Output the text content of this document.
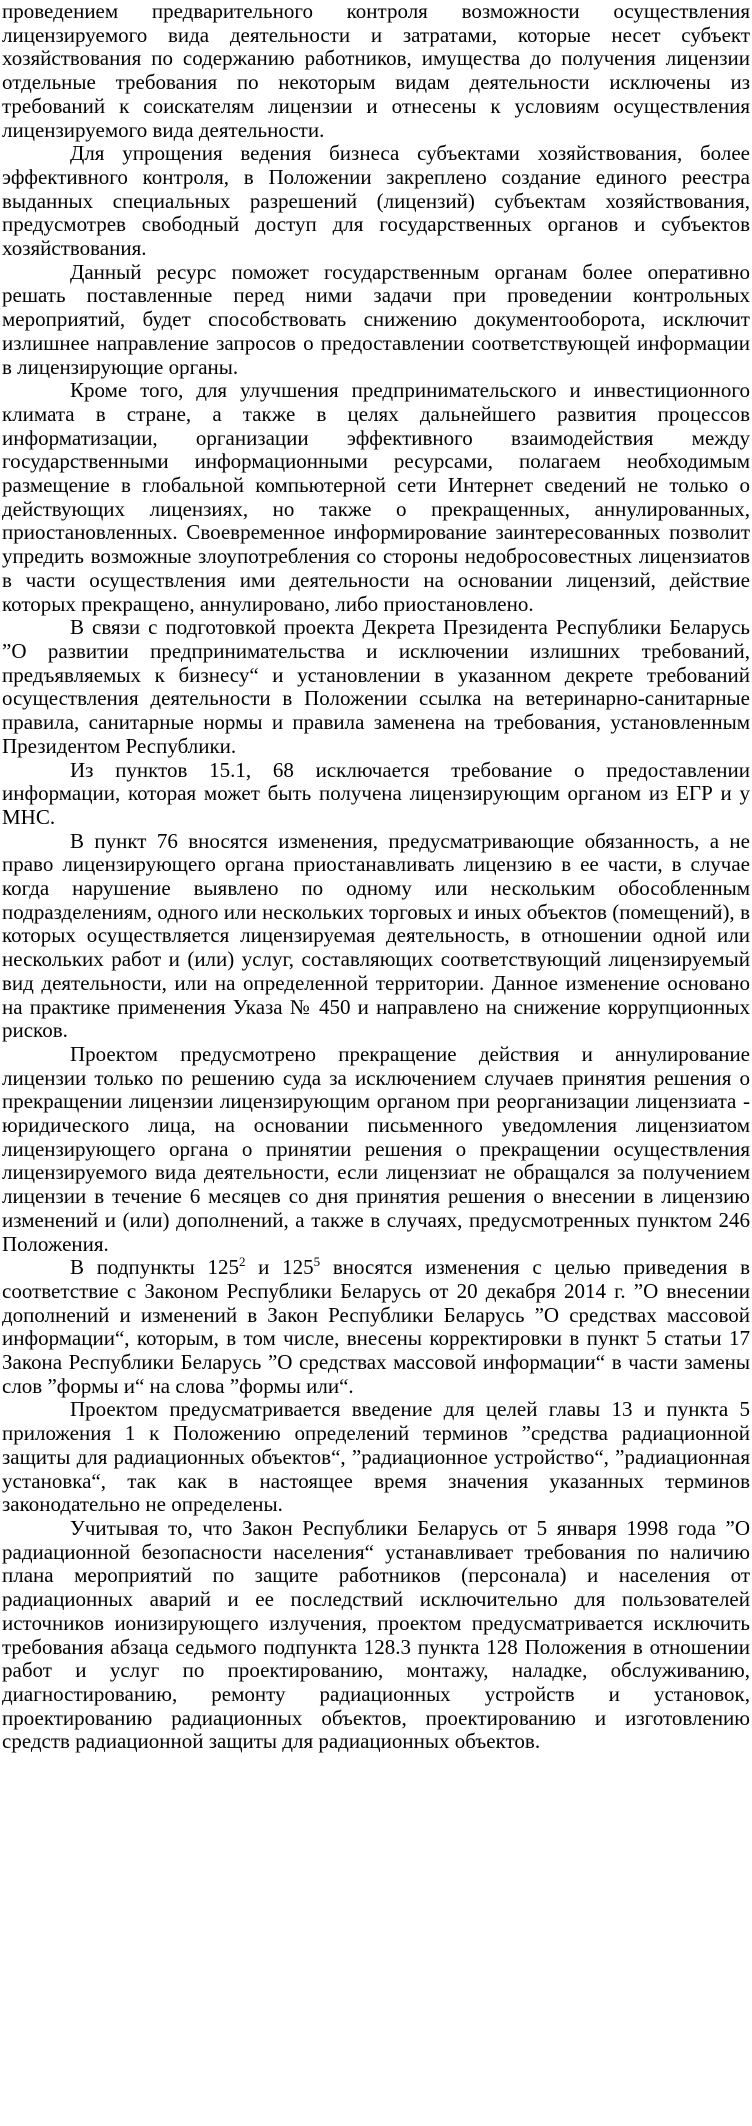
проведением предварительного контроля возможности осуществления лицензируемого вида деятельности и затратами, которые несет субъект хозяйствования по содержанию работников, имущества до получения лицензии отдельные требования по некоторым видам деятельности исключены из требований к соискателям лицензии и отнесены к условиям осуществления лицензируемого вида деятельности.

Для упрощения ведения бизнеса субъектами хозяйствования, более эффективного контроля, в Положении закреплено создание единого реестра выданных специальных разрешений (лицензий) субъектам хозяйствования, предусмотрев свободный доступ для государственных органов и субъектов хозяйствования.

Данный ресурс поможет государственным органам более оперативно решать поставленные перед ними задачи при проведении контрольных мероприятий, будет способствовать снижению документооборота, исключит излишнее направление запросов о предоставлении соответствующей информации в лицензирующие органы.

Кроме того, для улучшения предпринимательского и инвестиционного климата в стране, а также в целях дальнейшего развития процессов информатизации, организации эффективного взаимодействия между государственными информационными ресурсами, полагаем необходимым размещение в глобальной компьютерной сети Интернет сведений не только о действующих лицензиях, но также о прекращенных, аннулированных, приостановленных. Своевременное информирование заинтересованных позволит упредить возможные злоупотребления со стороны недобросовестных лицензиатов в части осуществления ими деятельности на основании лицензий, действие которых прекращено, аннулировано, либо приостановлено.

В связи с подготовкой проекта Декрета Президента Республики Беларусь ”О развитии предпринимательства и исключении излишних требований, предъявляемых к бизнесу“ и установлении в указанном декрете требований осуществления деятельности в Положении ссылка на ветеринарно-санитарные правила, санитарные нормы и правила заменена на требования, установленным Президентом Республики.

Из пунктов 15.1, 68 исключается требование о предоставлении информации, которая может быть получена лицензирующим органом из ЕГР и у МНС.

В пункт 76 вносятся изменения, предусматривающие обязанность, а не право лицензирующего органа приостанавливать лицензию в ее части, в случае когда нарушение выявлено по одному или нескольким обособленным подразделениям, одного или нескольких торговых и иных объектов (помещений), в которых осуществляется лицензируемая деятельность, в отношении одной или нескольких работ и (или) услуг, составляющих соответствующий лицензируемый вид деятельности, или на определенной территории. Данное изменение основано на практике применения Указа № 450 и направлено на снижение коррупционных рисков.

Проектом предусмотрено прекращение действия и аннулирование лицензии только по решению суда за исключением случаев принятия решения о прекращении лицензии лицензирующим органом при реорганизации лицензиата - юридического лица, на основании письменного уведомления лицензиатом лицензирующего органа о принятии решения о прекращении осуществления лицензируемого вида деятельности, если лицензиат не обращался за получением лицензии в течение 6 месяцев со дня принятия решения о внесении в лицензию изменений и (или) дополнений, а также в случаях, предусмотренных пунктом 246 Положения.

В подпункты $125^2$ и $125^5$ вносятся изменения с целью приведения в соответствие с Законом Республики Беларусь от 20 декабря 2014 г. ”О внесении дополнений и изменений в Закон Республики Беларусь ”О средствах массовой информации“, которым, в том числе, внесены корректировки в пункт 5 статьи 17 Закона Республики Беларусь ”О средствах массовой информации“ в части замены слов ”формы и“ на слова ”формы или“.

Проектом предусматривается введение для целей главы 13 и пункта 5 приложения 1 к Положению определений терминов ”средства радиационной защиты для радиационных объектов“, ”радиационное устройство“, ”радиационная установка“, так как в настоящее время значения указанных терминов законодательно не определены.

Учитывая то, что Закон Республики Беларусь от 5 января 1998 года ”О радиационной безопасности населения“ устанавливает требования по наличию плана мероприятий по защите работников (персонала) и населения от радиационных аварий и ее последствий исключительно для пользователей источников ионизирующего излучения, проектом предусматривается исключить требования абзаца седьмого подпункта 128.3 пункта 128 Положения в отношении работ и услуг по проектированию, монтажу, наладке, обслуживанию, диагностированию, ремонту радиационных устройств и установок, проектированию радиационных объектов, проектированию и изготовлению средств радиационной защиты для радиационных объектов.
